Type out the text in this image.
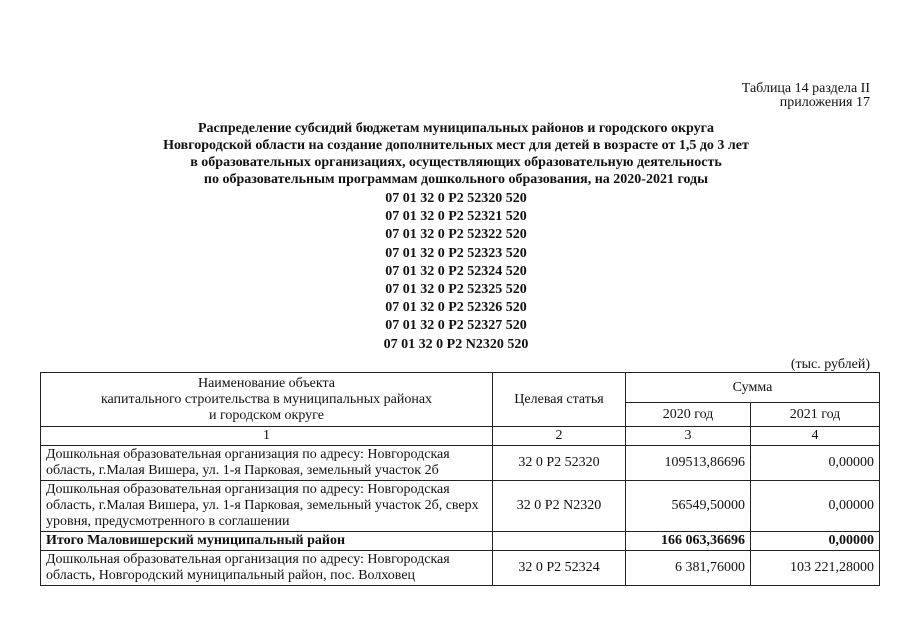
Таблица 14 раздела II
приложения 17
Распределение субсидий бюджетам муниципальных районов и городского округа
Новгородской области на создание дополнительных мест для детей в возрасте от 1,5 до 3 лет
в образовательных организациях, осуществляющих образовательную деятельность
по образовательным программам дошкольного образования, на 2020-2021 годы
07 01 32 0 P2 52320 520
07 01 32 0 P2 52321 520
07 01 32 0 P2 52322 520
07 01 32 0 P2 52323 520
07 01 32 0 P2 52324 520
07 01 32 0 P2 52325 520
07 01 32 0 P2 52326 520
07 01 32 0 P2 52327 520
07 01 32 0 P2 N2320 520
(тыс. рублей)
Наименование объекта
капитального строительства в муниципальных районах
и городском округе	Целевая статья	Сумма	
		2020 год	2021 год
1	2	3	4
Дошкольная образовательная организация по адресу: Новгородская область, г.Малая Вишера, ул. 1-я Парковая, земельный участок 2б	32 0 Р2 52320	109513,86696	0,00000
Дошкольная образовательная организация по адресу: Новгородская область, г.Малая Вишера, ул. 1-я Парковая, земельный участок 2б, сверх уровня, предусмотренного в соглашении	32 0 Р2 N2320	56549,50000	0,00000
Итого Маловишерский муниципальный район		166 063,36696	0,00000
Дошкольная образовательная организация по адресу: Новгородская область, Новгородский муниципальный район, пос. Волховец	32 0 Р2 52324	6 381,76000	103 221,28000
